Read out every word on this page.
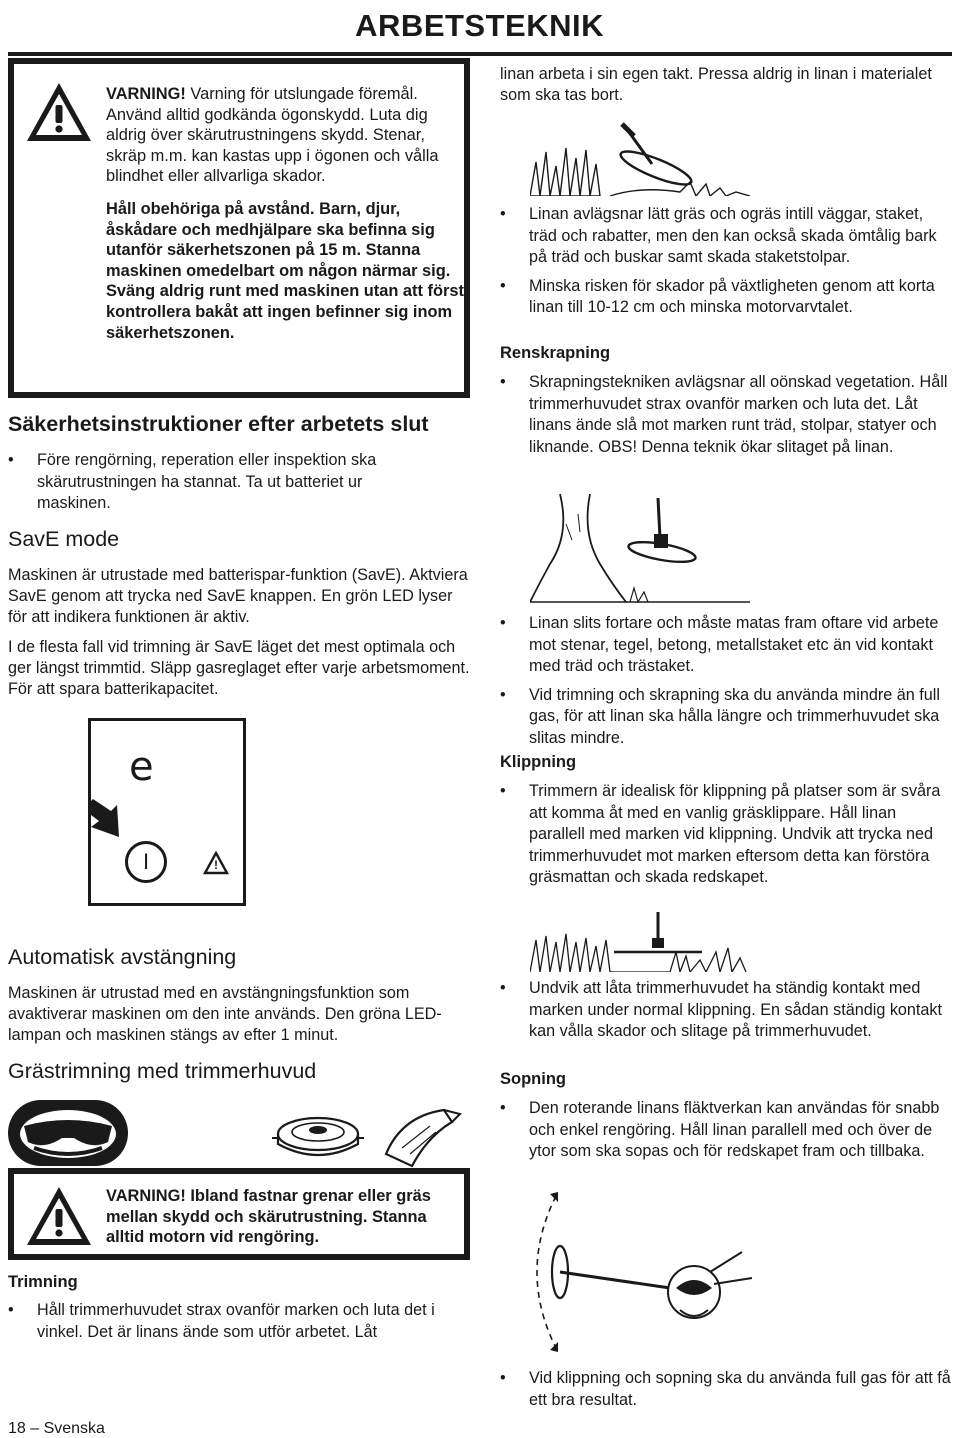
ARBETSTEKNIK

VARNING! Varning för utslungade föremål. Använd alltid godkända ögonskydd. Luta dig aldrig över skärutrustningens skydd. Stenar, skräp m.m. kan kastas upp i ögonen och vålla blindhet eller allvarliga skador.

Håll obehöriga på avstånd. Barn, djur, åskådare och medhjälpare ska befinna sig utanför säkerhetszonen på 15 m. Stanna maskinen omedelbart om någon närmar sig. Sväng aldrig runt med maskinen utan att först kontrollera bakåt att ingen befinner sig inom säkerhetszonen.

Säkerhetsinstruktioner efter arbetets slut
• Före rengörning, reperation eller inspektion ska skärutrustningen ha stannat. Ta ut batteriet ur maskinen.
SavE mode

Maskinen är utrustade med batterispar-funktion (SavE). Aktviera SavE genom att trycka ned SavE knappen. En grön LED lyser för att indikera funktionen är aktiv.

I de flesta fall vid trimning är SavE läget det mest optimala och ger längst trimmtid. Släpp gasreglaget efter varje arbetsmoment. För att spara batterikapacitet.

e
I	!
Automatisk avstängning

Maskinen är utrustad med en avstängningsfunktion som avaktiverar maskinen om den inte används. Den gröna LED-lampan och maskinen stängs av efter 1 minut.

Grästrimning med trimmerhuvud
VARNING! Ibland fastnar grenar eller gräs mellan skydd och skärutrustning. Stanna alltid motorn vid rengöring.
Trimning
• Håll trimmerhuvudet strax ovanför marken och luta det i vinkel. Det är linans ände som utför arbetet. Låt
18 – Svenska

linan arbeta i sin egen takt. Pressa aldrig in linan i materialet som ska tas bort.

• Linan avlägsnar lätt gräs och ogräs intill väggar, staket, träd och rabatter, men den kan också skada ömtålig bark på träd och buskar samt skada staketstolpar.
• Minska risken för skador på växtligheten genom att korta linan till 10-12 cm och minska motorvarvtalet.
Renskrapning
• Skrapningstekniken avlägsnar all oönskad vegetation. Håll trimmerhuvudet strax ovanför marken och luta det. Låt linans ände slå mot marken runt träd, stolpar, statyer och liknande. OBS! Denna teknik ökar slitaget på linan.
• Linan slits fortare och måste matas fram oftare vid arbete mot stenar, tegel, betong, metallstaket etc än vid kontakt med träd och trästaket.
• Vid trimning och skrapning ska du använda mindre än full gas, för att linan ska hålla längre och trimmerhuvudet ska slitas mindre.
Klippning
• Trimmern är idealisk för klippning på platser som är svåra att komma åt med en vanlig gräsklippare. Håll linan parallell med marken vid klippning. Undvik att trycka ned trimmerhuvudet mot marken eftersom detta kan förstöra gräsmattan och skada redskapet.
• Undvik att låta trimmerhuvudet ha ständig kontakt med marken under normal klippning. En sådan ständig kontakt kan vålla skador och slitage på trimmerhuvudet.
Sopning
• Den roterande linans fläktverkan kan användas för snabb och enkel rengöring. Håll linan parallell med och över de ytor som ska sopas och för redskapet fram och tillbaka.
• Vid klippning och sopning ska du använda full gas för att få ett bra resultat.
